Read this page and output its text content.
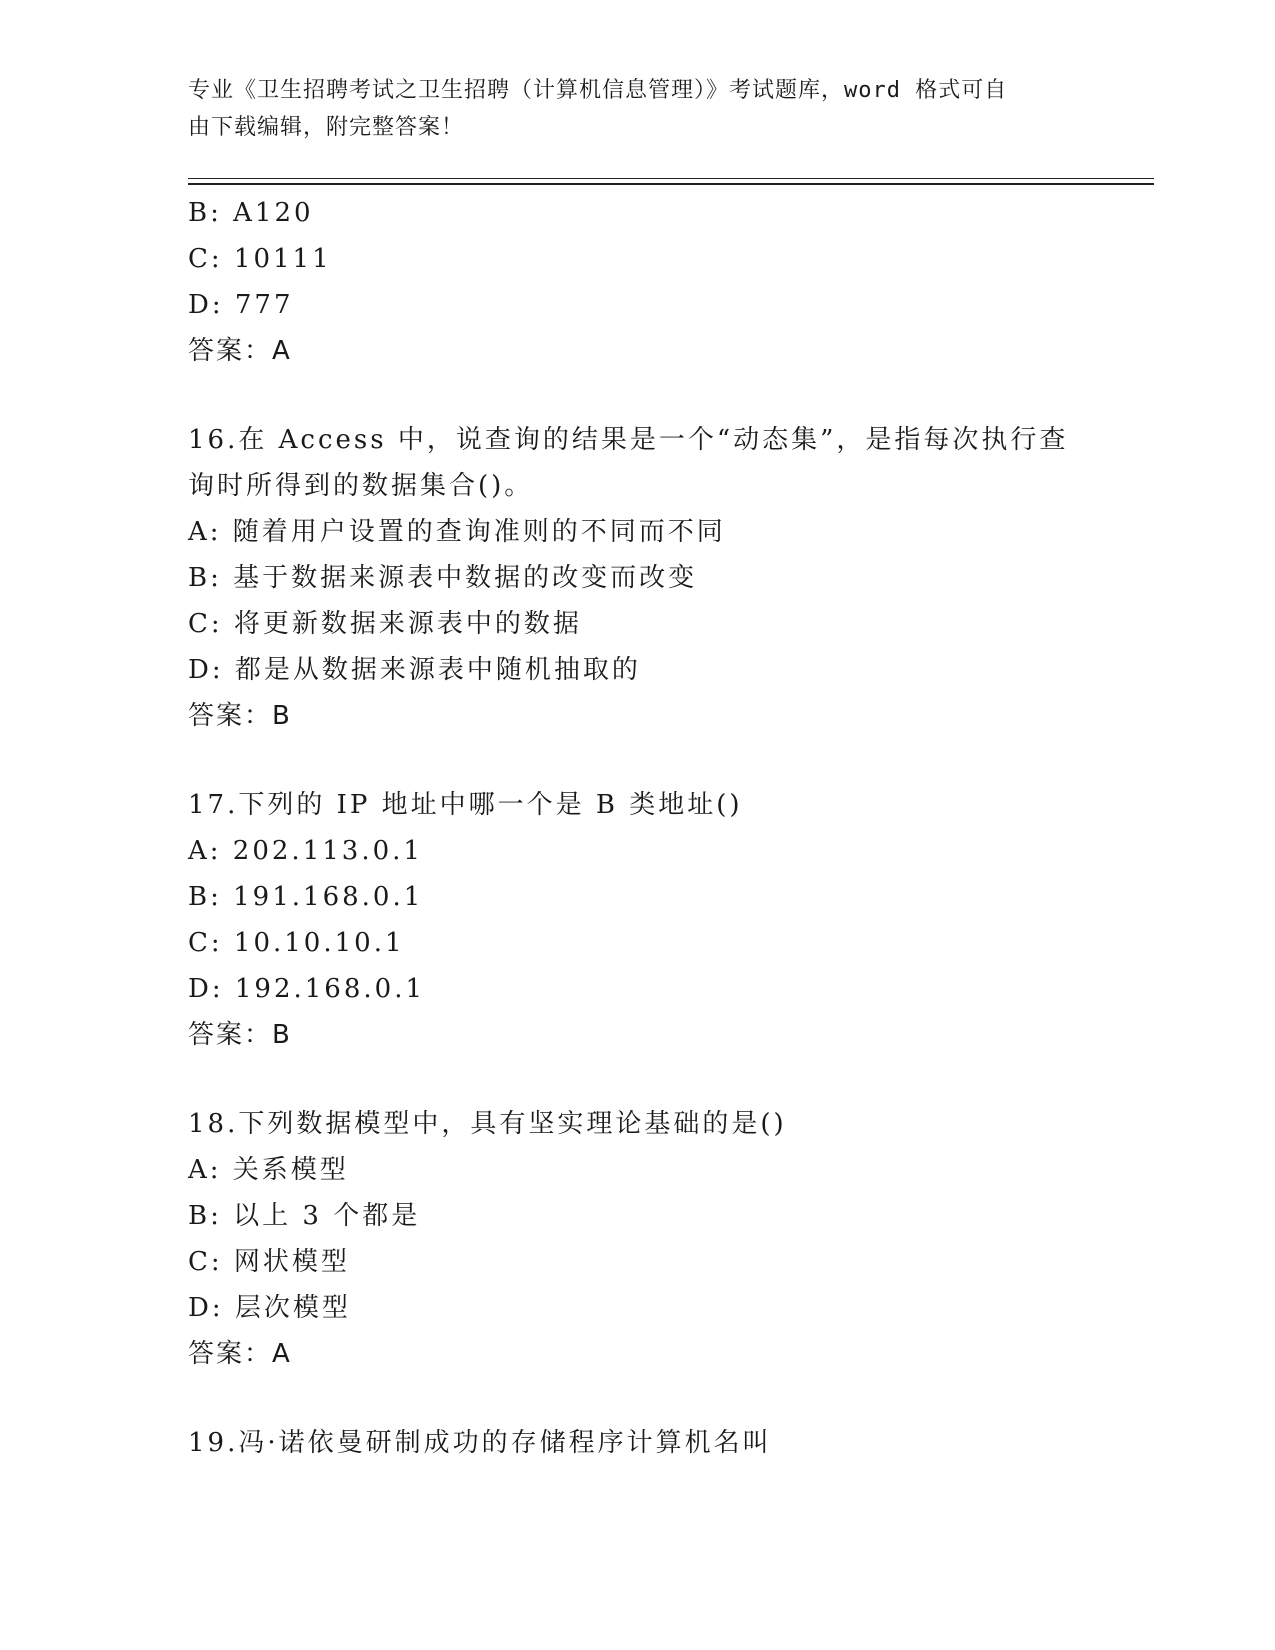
专业《卫生招聘考试之卫生招聘（计算机信息管理）》考试题库，word 格式可自
由下载编辑，附完整答案！
B: A120
C: 10111
D: 777
答案：A
16.在 Access 中，说查询的结果是一个“动态集”，是指每次执行查
询时所得到的数据集合()。
A: 随着用户设置的查询准则的不同而不同
B: 基于数据来源表中数据的改变而改变
C: 将更新数据来源表中的数据
D: 都是从数据来源表中随机抽取的
答案：B
17.下列的 IP 地址中哪一个是 B 类地址()
A: 202.113.0.1
B: 191.168.0.1
C: 10.10.10.1
D: 192.168.0.1
答案：B
18.下列数据模型中，具有坚实理论基础的是()
A: 关系模型
B: 以上 3 个都是
C: 网状模型
D: 层次模型
答案：A
19.冯·诺依曼研制成功的存储程序计算机名叫
